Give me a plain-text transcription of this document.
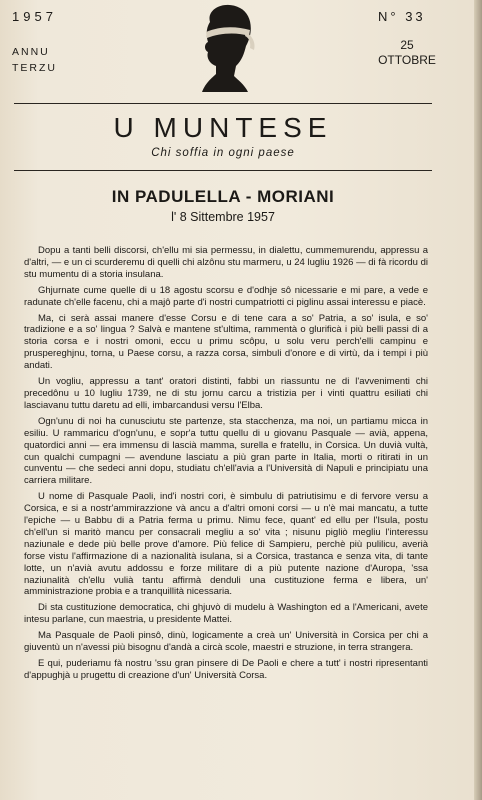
1957
ANNU
TERZU
N° 33
25
OTTOBRE
U MUNTESE
Chi soffia in ogni paese
IN PADULELLA - MORIANI
l' 8 Sittembre 1957

Dopu a tanti belli discorsi, ch'ellu mi sia permessu, in dialettu, cummemurendu, appressu a d'altri, — e un ci scurderemu di quelli chi alzônu stu marmeru, u 24 lugliu 1926 — di fà ricordu di stu mumentu di a storia insulana.

Ghjurnate cume quelle di u 18 agostu scorsu e d'odhje sô nicessarie e mi pare, a vede e radunate ch'elle facenu, chi a majô parte d'i nostri cumpatriotti ci piglinu assai interessu e piacè.

Ma, ci serà assai manere d'esse Corsu e di tene cara a so' Patria, a so' isula, e so' tradizione e a so' lingua ? Salvà e mantene st'ultima, rammentà o glurificà i più belli passi di a storia corsa e i nostri omoni, eccu u primu scôpu, u solu veru perch'elli campinu e pruspereghjnu, torna, u Paese corsu, a razza corsa, simbuli d'onore e di virtù, da i tempi i più andati.

Un vogliu, appressu a tant' oratori distinti, fabbi un riassuntu ne di l'avvenimenti chi precedônu u 10 lugliu 1739, ne di stu jornu carcu a tristizia per i vinti quattru esiliati chi lasciavanu tuttu daretu ad elli, imbarcandusi versu l'Elba.

Ogn'unu di noi ha cunusciutu ste partenze, sta stacchenza, ma noi, un partiamu micca in esiliu. U rammaricu d'ogn'unu, e sopr'a tuttu quellu di u giovanu Pasquale — avià, appena, quatordici anni — era immensu di lascià mamma, surella e fratellu, in Corsica. Un duvià vultà, cun qualchi cumpagni — avendune lasciatu a più gran parte in Italia, morti o ritirati in un cunventu — che sedeci anni dopu, studiatu ch'ell'avia a l'Università di Napuli e principiatu una carriera militare.

U nome di Pasquale Paoli, ind'i nostri cori, è simbulu di patriutisimu e di fervore versu a Corsica, e si a nostr'ammirazzione và ancu a d'altri omoni corsi — u n'è mai mancatu, a tutte l'epiche — u Babbu di a Patria ferma u primu. Nimu fece, quant' ed ellu per l'Isula, postu ch'ell'un si maritò mancu per consacrali megliu a so' vita ; nisunu pigliò megliu l'interessu naziunale e dede più belle prove d'amore. Più felice di Sampieru, perchè più pulilicu, averià forse vistu l'affirmazione di a nazionalità isulana, si a Corsica, trastanca e senza vita, di tante lotte, un n'avià avutu addossu e forze militare di a più putente nazione d'Auropa, 'ssa naziunalità ch'ellu vulià tantu affirmà denduli una custituzione ferma e libera, un' amministrazione probia e a tranquillità nicessaria.

Di sta custituzione democratica, chi ghjuvò di mudelu à Washington ed a l'Americani, avete intesu parlane, cun maestria, u presidente Mattei.

Ma Pasquale de Paoli pinsô, dinù, logicamente a creà un' Università in Corsica per chi a giuventù un n'avessi più bisognu d'andà a circà scole, maestri e struzione, in terra strangera.

E qui, puderiamu fà nostru 'ssu gran pinsere di De Paoli e chere a tutt' i nostri ripresentanti d'appughjà u prugettu di creazione d'un' Università Corsa.
